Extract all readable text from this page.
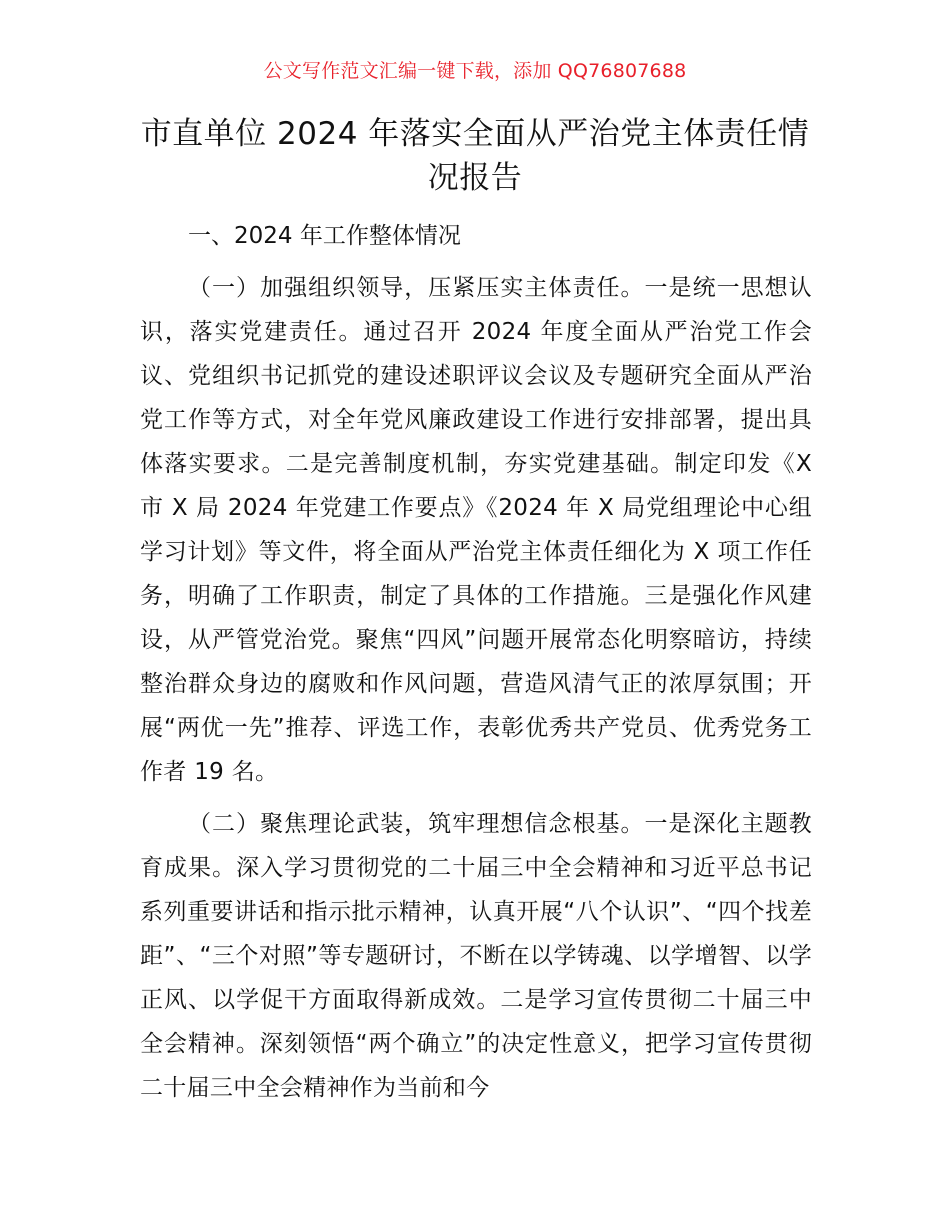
公文写作范文汇编一键下载，添加 QQ76807688
市直单位 2024 年落实全面从严治党主体责任情况报告
一、2024 年工作整体情况

（一）加强组织领导，压紧压实主体责任。一是统一思想认识，落实党建责任。通过召开 2024 年度全面从严治党工作会议、党组织书记抓党的建设述职评议会议及专题研究全面从严治党工作等方式，对全年党风廉政建设工作进行安排部署，提出具体落实要求。二是完善制度机制，夯实党建基础。制定印发《X 市 X 局 2024 年党建工作要点》《2024 年 X 局党组理论中心组学习计划》等文件，将全面从严治党主体责任细化为 X 项工作任务，明确了工作职责，制定了具体的工作措施。三是强化作风建设，从严管党治党。聚焦“四风”问题开展常态化明察暗访，持续整治群众身边的腐败和作风问题，营造风清气正的浓厚氛围；开展“两优一先”推荐、评选工作，表彰优秀共产党员、优秀党务工作者 19 名。

（二）聚焦理论武装，筑牢理想信念根基。一是深化主题教育成果。深入学习贯彻党的二十届三中全会精神和习近平总书记系列重要讲话和指示批示精神，认真开展“八个认识”、“四个找差距”、“三个对照”等专题研讨，不断在以学铸魂、以学增智、以学正风、以学促干方面取得新成效。二是学习宣传贯彻二十届三中全会精神。深刻领悟“两个确立”的决定性意义，把学习宣传贯彻二十届三中全会精神作为当前和今
